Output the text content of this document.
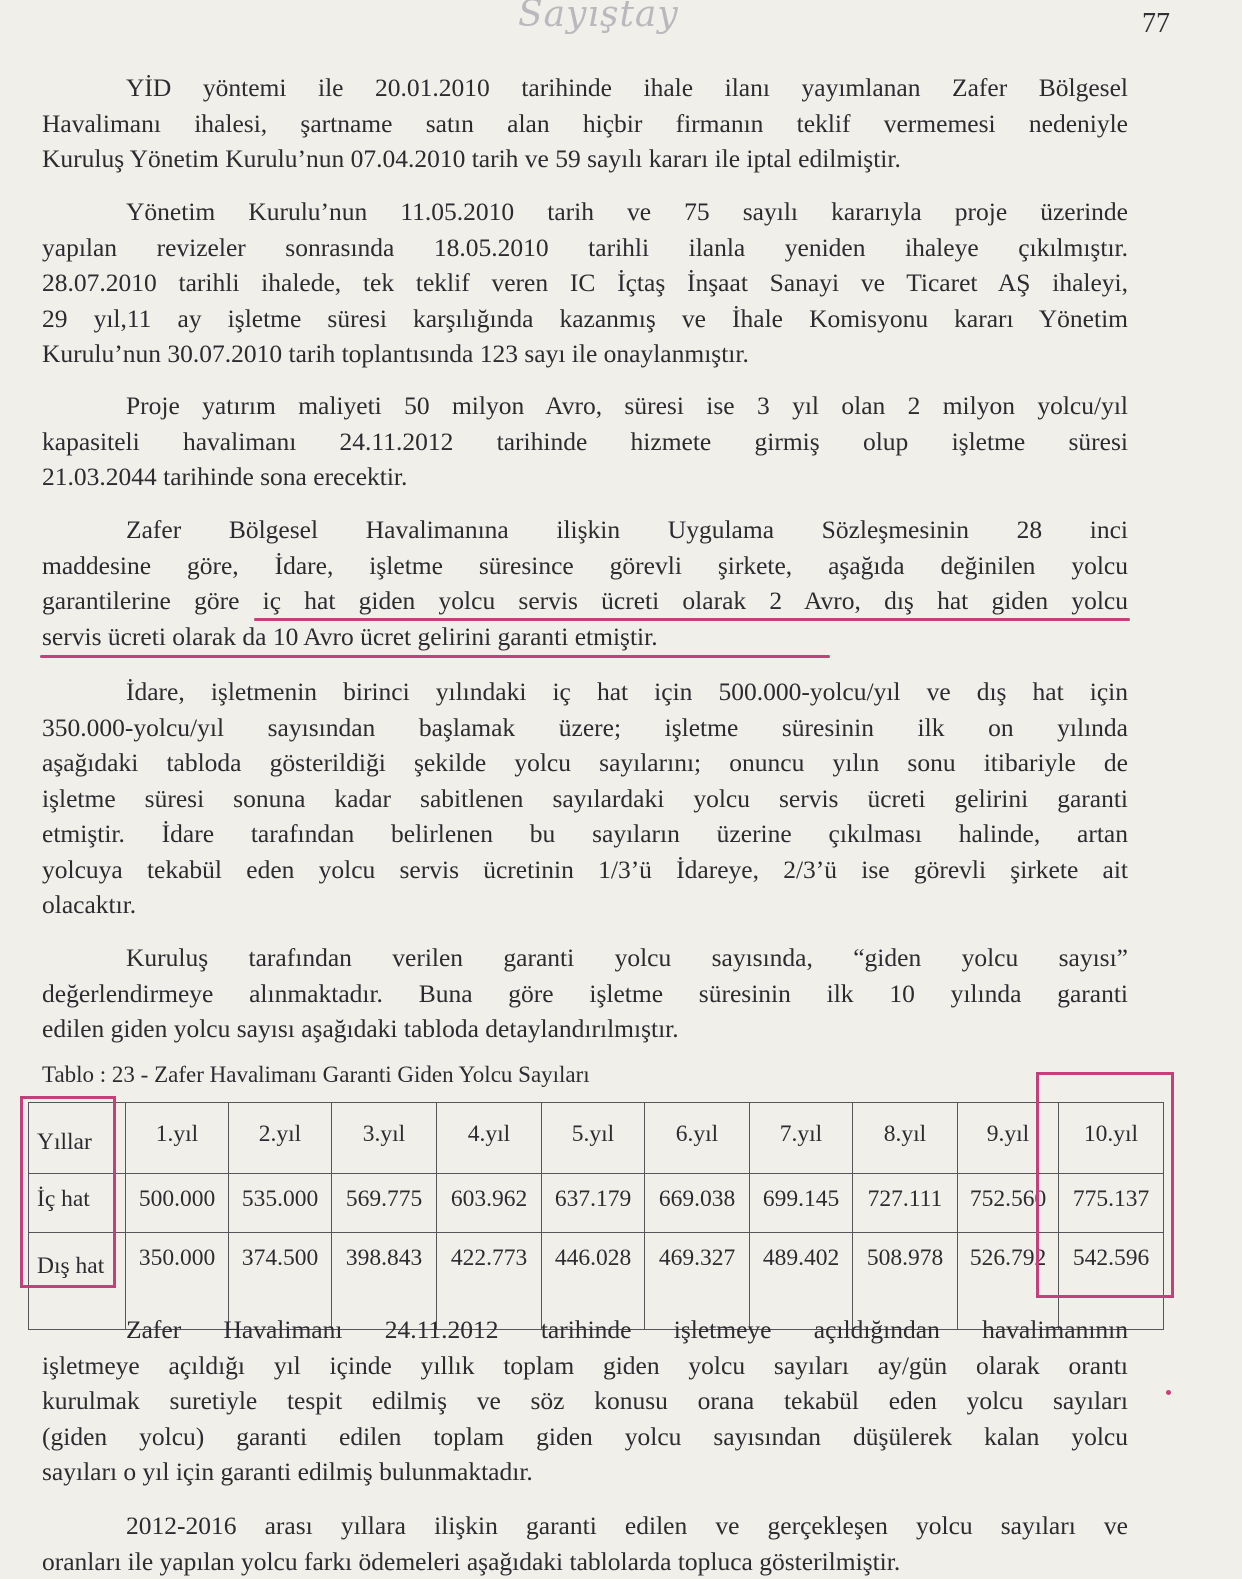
Sayıştay	77
YİD yöntemi ile 20.01.2010 tarihinde ihale ilanı yayımlanan Zafer Bölgesel
Havalimanı ihalesi, şartname satın alan hiçbir firmanın teklif vermemesi nedeniyle
Kuruluş Yönetim Kurulu’nun 07.04.2010 tarih ve 59 sayılı kararı ile iptal edilmiştir.
Yönetim Kurulu’nun 11.05.2010 tarih ve 75 sayılı kararıyla proje üzerinde
yapılan revizeler sonrasında 18.05.2010 tarihli ilanla yeniden ihaleye çıkılmıştır.
28.07.2010 tarihli ihalede, tek teklif veren IC İçtaş İnşaat Sanayi ve Ticaret AŞ ihaleyi,
29 yıl,11 ay işletme süresi karşılığında kazanmış ve İhale Komisyonu kararı Yönetim
Kurulu’nun 30.07.2010 tarih toplantısında 123 sayı ile onaylanmıştır.
Proje yatırım maliyeti 50 milyon Avro, süresi ise 3 yıl olan 2 milyon yolcu/yıl
kapasiteli havalimanı 24.11.2012 tarihinde hizmete girmiş olup işletme süresi
21.03.2044 tarihinde sona erecektir.
Zafer Bölgesel Havalimanına ilişkin Uygulama Sözleşmesinin 28 inci
maddesine göre, İdare, işletme süresince görevli şirkete, aşağıda değinilen yolcu
garantilerine göre iç hat giden yolcu servis ücreti olarak 2 Avro, dış hat giden yolcu
servis ücreti olarak da 10 Avro ücret gelirini garanti etmiştir.
İdare, işletmenin birinci yılındaki iç hat için 500.000-yolcu/yıl ve dış hat için
350.000-yolcu/yıl sayısından başlamak üzere; işletme süresinin ilk on yılında
aşağıdaki tabloda gösterildiği şekilde yolcu sayılarını; onuncu yılın sonu itibariyle de
işletme süresi sonuna kadar sabitlenen sayılardaki yolcu servis ücreti gelirini garanti
etmiştir. İdare tarafından belirlenen bu sayıların üzerine çıkılması halinde, artan
yolcuya tekabül eden yolcu servis ücretinin 1/3’ü İdareye, 2/3’ü ise görevli şirkete ait
olacaktır.
Kuruluş tarafından verilen garanti yolcu sayısında, “giden yolcu sayısı”
değerlendirmeye alınmaktadır. Buna göre işletme süresinin ilk 10 yılında garanti
edilen giden yolcu sayısı aşağıdaki tabloda detaylandırılmıştır.
Tablo : 23 - Zafer Havalimanı Garanti Giden Yolcu Sayıları
Yıllar	1.yıl	2.yıl	3.yıl	4.yıl	5.yıl	6.yıl	7.yıl	8.yıl	9.yıl	10.yıl
İç hat	500.000	535.000	569.775	603.962	637.179	669.038	699.145	727.111	752.560	775.137
Dış hat	350.000	374.500	398.843	422.773	446.028	469.327	489.402	508.978	526.792	542.596
Zafer Havalimanı 24.11.2012 tarihinde işletmeye açıldığından havalimanının
işletmeye açıldığı yıl içinde yıllık toplam giden yolcu sayıları ay/gün olarak orantı
kurulmak suretiyle tespit edilmiş ve söz konusu orana tekabül eden yolcu sayıları
(giden yolcu) garanti edilen toplam giden yolcu sayısından düşülerek kalan yolcu
sayıları o yıl için garanti edilmiş bulunmaktadır.
2012-2016 arası yıllara ilişkin garanti edilen ve gerçekleşen yolcu sayıları ve
oranları ile yapılan yolcu farkı ödemeleri aşağıdaki tablolarda topluca gösterilmiştir.
